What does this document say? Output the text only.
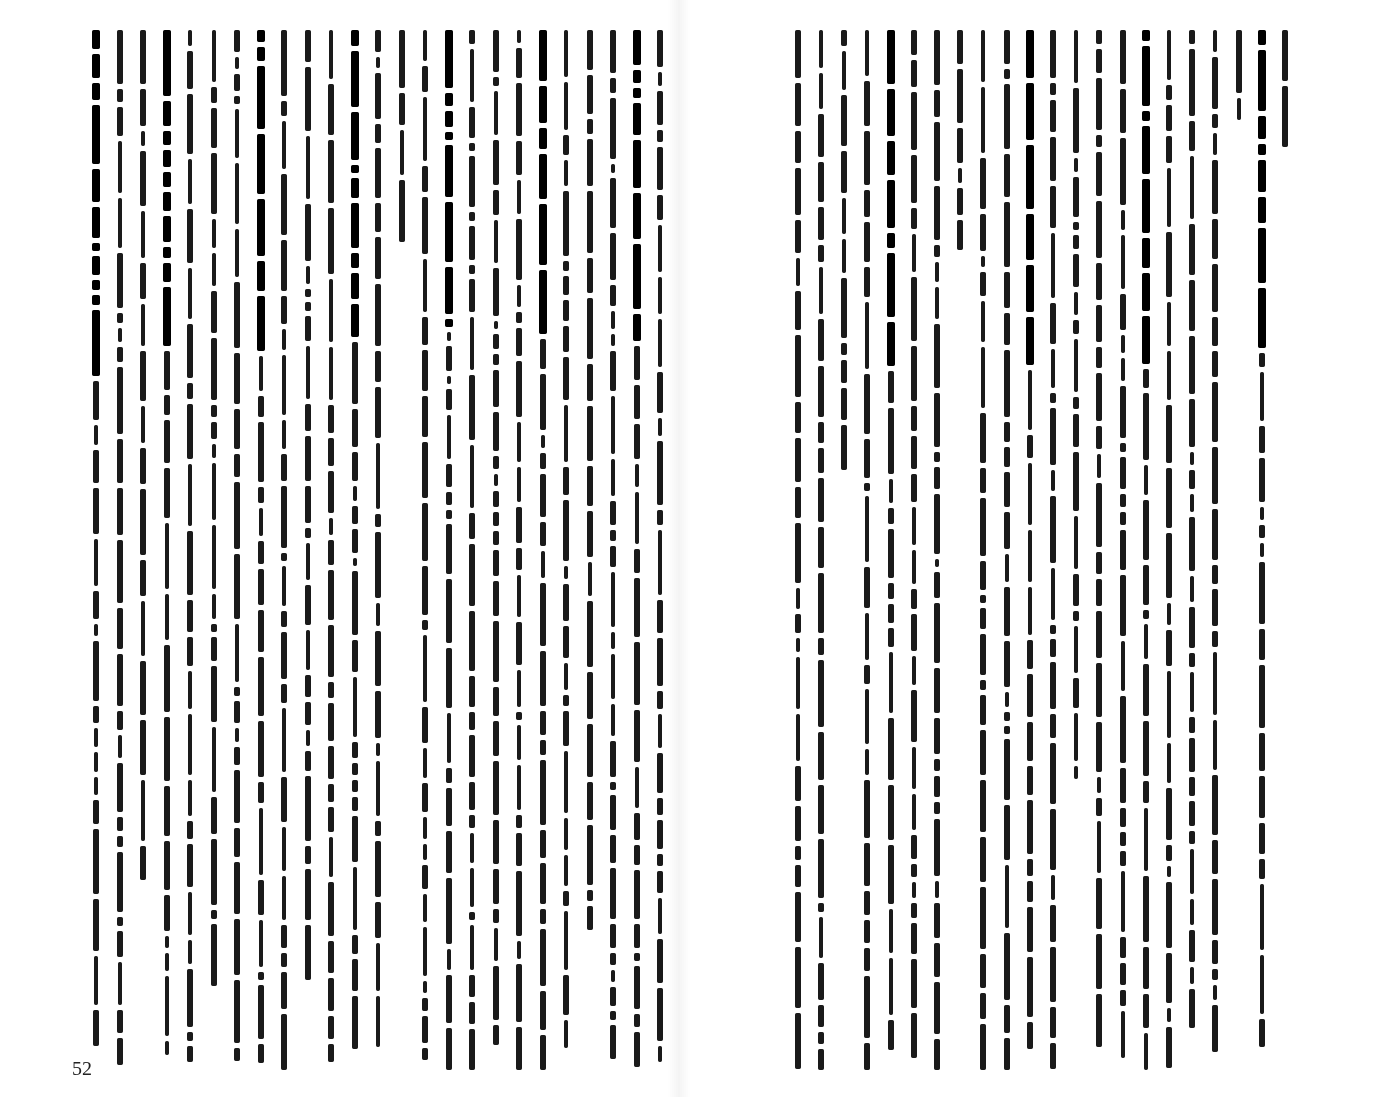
52
